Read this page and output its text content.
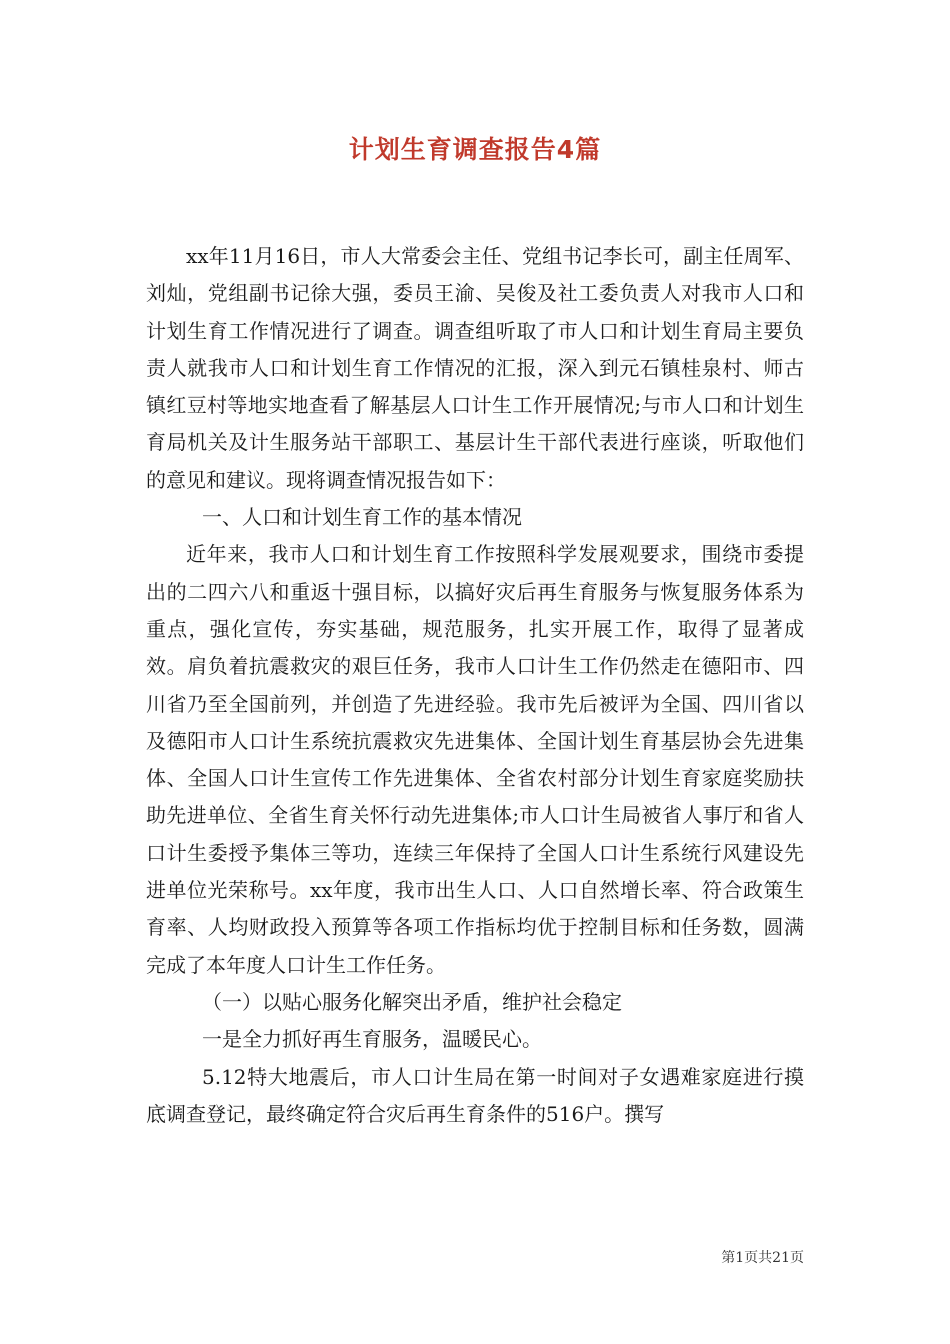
计划生育调查报告4篇

xx年11月16日，市人大常委会主任、党组书记李长可，副主任周军、刘灿，党组副书记徐大强，委员王渝、吴俊及社工委负责人对我市人口和计划生育工作情况进行了调查。调查组听取了市人口和计划生育局主要负责人就我市人口和计划生育工作情况的汇报，深入到元石镇桂泉村、师古镇红豆村等地实地查看了解基层人口计生工作开展情况;与市人口和计划生育局机关及计生服务站干部职工、基层计生干部代表进行座谈，听取他们的意见和建议。现将调查情况报告如下：

一、人口和计划生育工作的基本情况

近年来，我市人口和计划生育工作按照科学发展观要求，围绕市委提出的二四六八和重返十强目标，以搞好灾后再生育服务与恢复服务体系为重点，强化宣传，夯实基础，规范服务，扎实开展工作，取得了显著成效。肩负着抗震救灾的艰巨任务，我市人口计生工作仍然走在德阳市、四川省乃至全国前列，并创造了先进经验。我市先后被评为全国、四川省以及德阳市人口计生系统抗震救灾先进集体、全国计划生育基层协会先进集体、全国人口计生宣传工作先进集体、全省农村部分计划生育家庭奖励扶助先进单位、全省生育关怀行动先进集体;市人口计生局被省人事厅和省人口计生委授予集体三等功，连续三年保持了全国人口计生系统行风建设先进单位光荣称号。xx年度，我市出生人口、人口自然增长率、符合政策生育率、人均财政投入预算等各项工作指标均优于控制目标和任务数，圆满完成了本年度人口计生工作任务。

（一）以贴心服务化解突出矛盾，维护社会稳定

一是全力抓好再生育服务，温暖民心。

5.12特大地震后，市人口计生局在第一时间对子女遇难家庭进行摸底调查登记，最终确定符合灾后再生育条件的516户。撰写

第1页共21页
